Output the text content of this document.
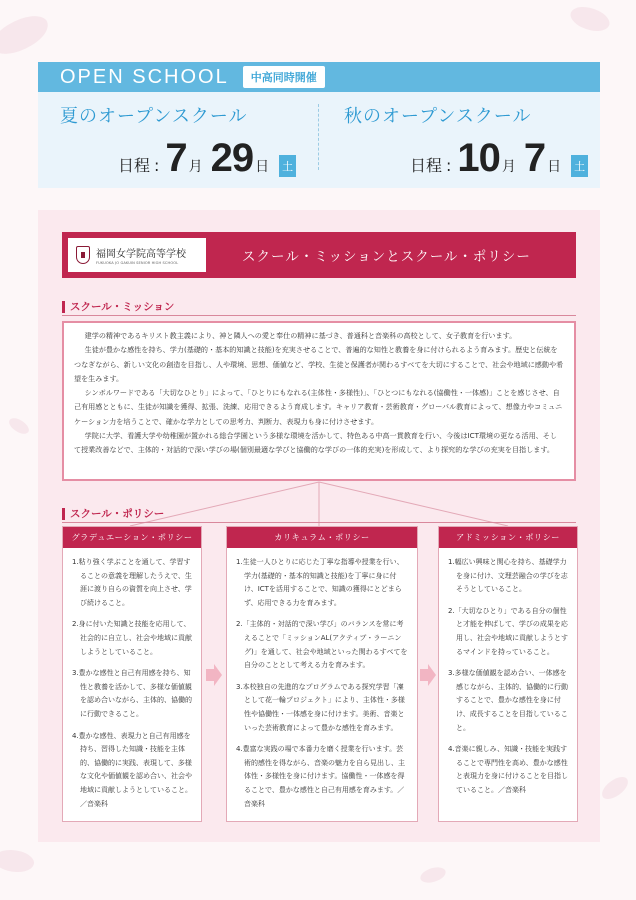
OPEN SCHOOL	中高同時開催
夏のオープンスクール
日程 : 7 月 29 日 土
秋のオープンスクール
日程 : 10 月 7 日 土
福岡女学院高等学校
FUKUOKA JO GAKUIN SENIOR HIGH SCHOOL	スクール・ミッションとスクール・ポリシー
スクール・ミッション

建学の精神であるキリスト教主義により、神と隣人への愛と奉仕の精神に基づき、普通科と音楽科の高校として、女子教育を行います。

生徒が豊かな感性を持ち、学力(基礎的・基本的知識と技能)を充実させることで、普遍的な知性と教養を身に付けられるよう育みます。歴史と伝統をつなぎながら、新しい文化の創造を目指し、人や環境、思想、価値など、学校、生徒と保護者が関わるすべてを大切にすることで、社会や地域に感動や希望を生みます。

シンボルワードである「大切なひとり」によって、「ひとりにもなれる(主体性・多様性)」、「ひとつにもなれる(協働性・一体感)」ことを感じさせ、自己有用感とともに、生徒が知識を獲得、拡張、洗練、応用できるよう育成します。キャリア教育・芸術教育・グローバル教育によって、想像力やコミュニケーション力を培うことで、確かな学力としての思考力、判断力、表現力も身に付けさせます。

学院に大学、看護大学や幼稚園が置かれる総合学園という多様な環境を活かして、特色ある中高一貫教育を行い、今後はICT環境の更なる活用、そして授業改善などで、主体的・対話的で深い学びの場(個別最適な学びと協働的な学びの一体的充実)を形成して、より探究的な学びの充実を目指します。

スクール・ポリシー
グラデュエーション・ポリシー
1.粘り強く学ぶことを通して、学習することの意義を理解したうえで、生涯に渡り自らの資質を向上させ、学び続けること。
2.身に付いた知識と技能を応用して、社会的に自立し、社会や地域に貢献しようとしていること。
3.豊かな感性と自己有用感を持ち、知性と教養を活かして、多様な価値観を認め合いながら、主体的、協働的に行動できること。
4.豊かな感性、表現力と自己有用感を持ち、習得した知識・技能を主体的、協働的に実践、表現して、多様な文化や価値観を認め合い、社会や地域に貢献しようとしていること。／音楽科
カリキュラム・ポリシー
1.生徒一人ひとりに応じた丁寧な指導や授業を行い、学力(基礎的・基本的知識と技能)を丁寧に身に付け、ICTを活用することで、知識の獲得にとどまらず、応用できる力を育みます。
2.「主体的・対話的で深い学び」のバランスを常に考えることで「ミッションAL(アクティブ・ラーニング)」を通して、社会や地域といった関わるすべてを自分のこととして考える力を育みます。
3.本校独自の先進的なプログラムである探究学習「凜として花一輪プロジェクト」により、主体性・多様性や協働性・一体感を身に付けます。美術、音楽といった芸術教育によって豊かな感性を育みます。
4.豊富な実践の場で本番力を磨く授業を行います。芸術的感性を得ながら、音楽の魅力を自ら見出し、主体性・多様性を身に付けます。協働性・一体感を得ることで、豊かな感性と自己有用感を育みます。／音楽科
アドミッション・ポリシー
1.幅広い興味と関心を持ち、基礎学力を身に付け、文理芸融合の学びを志そうとしていること。
2.「大切なひとり」である自分の個性と才能を伸ばして、学びの成果を応用し、社会や地域に貢献しようとするマインドを持っていること。
3.多様な価値観を認め合い、一体感を感じながら、主体的、協働的に行動することで、豊かな感性を身に付け、成長することを目指していること。
4.音楽に親しみ、知識・技能を実践することで専門性を高め、豊かな感性と表現力を身に付けることを目指していること。／音楽科
